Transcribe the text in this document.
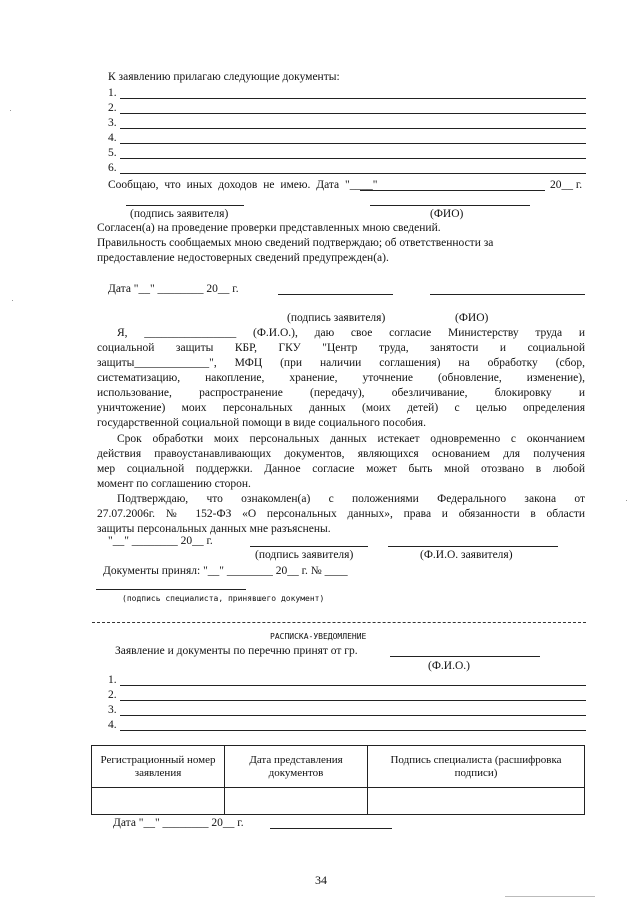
К заявлению прилагаю следующие документы:
1.
2.
3.
4.
5.
6.
Сообщаю, что иных доходов не имею. Дата "____"	20__ г.
(подпись заявителя)	(ФИО)
Согласен(а) на проведение проверки представленных мною сведений.
Правильность сообщаемых мною сведений подтверждаю; об ответственности за
предоставление недостоверных сведений предупрежден(а).
Дата "__" ________ 20__ г.
(подпись заявителя)	(ФИО)
Я, ________________ (Ф.И.О.), даю свое согласие Министерству труда и
социальной защиты КБР, ГКУ "Центр труда, занятости и социальной
защиты_____________", МФЦ (при наличии соглашения) на обработку (сбор,
систематизацию, накопление, хранение, уточнение (обновление, изменение),
использование, распространение (передачу), обезличивание, блокировку и
уничтожение) моих персональных данных (моих детей) с целью определения
государственной социальной помощи в виде социального пособия.
Срок обработки моих персональных данных истекает одновременно с окончанием
действия правоустанавливающих документов, являющихся основанием для получения
мер социальной поддержки. Данное согласие может быть мной отозвано в любой
момент по соглашению сторон.
Подтверждаю, что ознакомлен(а) с положениями Федерального закона от
27.07.2006г. № 152-ФЗ «О персональных данных», права и обязанности в области
защиты персональных данных мне разъяснены.
"__" ________ 20__ г.
(подпись заявителя)	(Ф.И.О. заявителя)
Документы принял: "__" ________ 20__ г. № ____
(подпись специалиста, принявшего документ)
РАСПИСКА-УВЕДОМЛЕНИЕ
Заявление и документы по перечню принят от гр.
(Ф.И.О.)
1.
2.
3.
4.
Регистрационный номер заявления	Дата представления документов	Подпись специалиста (расшифровка подписи)

Дата "__" ________ 20__ г.
34
